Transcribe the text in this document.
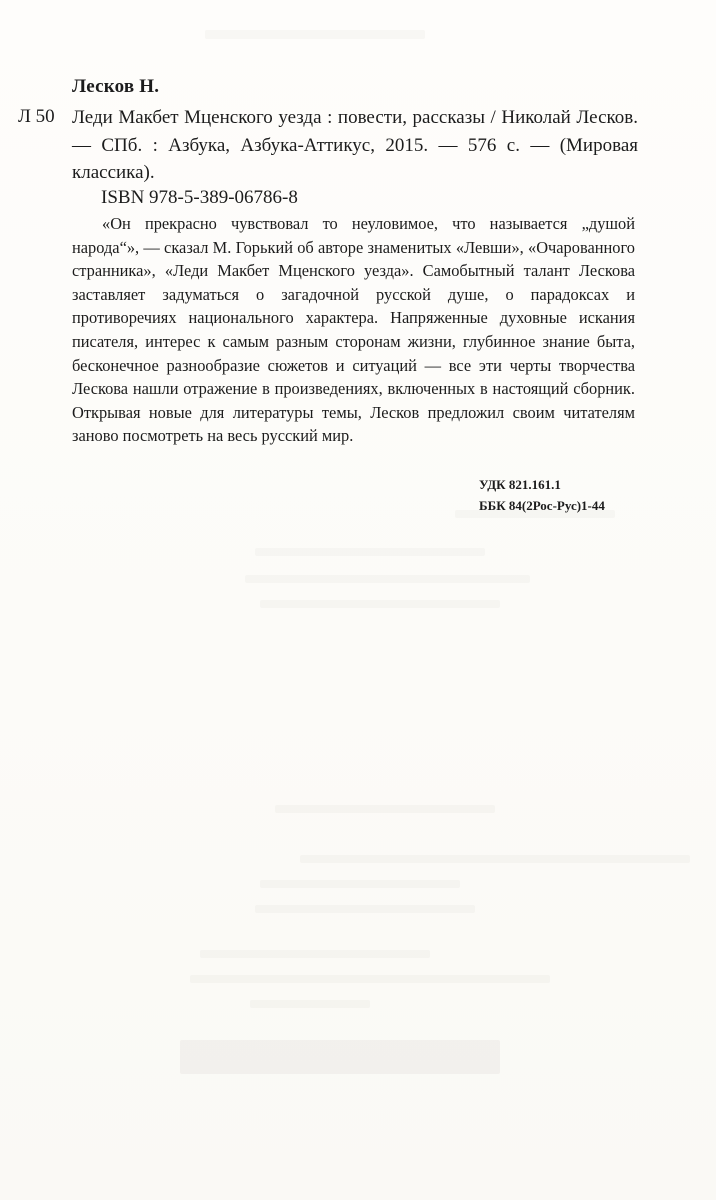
Лесков Н.
Л 50 Леди Макбет Мценского уезда : повести, рассказы / Николай Лесков. — СПб. : Азбука, Азбука-Аттикус, 2015. — 576 с. — (Мировая классика).
ISBN 978-5-389-06786-8
«Он прекрасно чувствовал то неуловимое, что называется „душой народа“», — сказал М. Горький об авторе знаменитых «Левши», «Очарованного странника», «Леди Макбет Мценского уезда». Самобытный талант Лескова заставляет задуматься о загадочной русской душе, о парадоксах и противоречиях национального характера. Напряженные духовные искания писателя, интерес к самым разным сторонам жизни, глубинное знание быта, бесконечное разнообразие сюжетов и ситуаций — все эти черты творчества Лескова нашли отражение в произведениях, включенных в настоящий сборник. Открывая новые для литературы темы, Лесков предложил своим читателям заново посмотреть на весь русский мир.
УДК 821.161.1
ББК 84(2Рос-Рус)1-44
